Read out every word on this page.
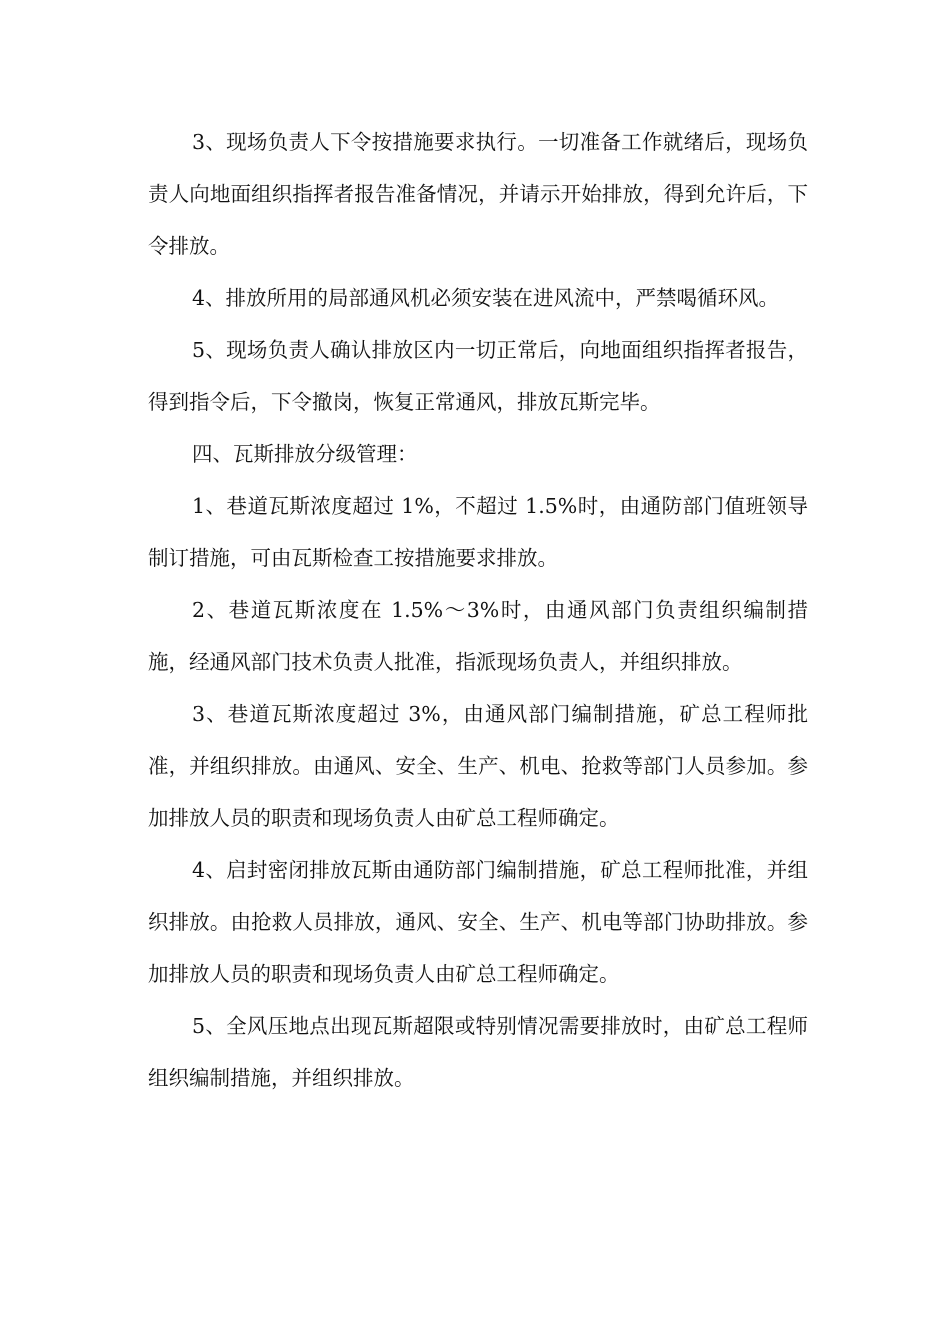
3、现场负责人下令按措施要求执行。一切准备工作就绪后，现场负责人向地面组织指挥者报告准备情况，并请示开始排放，得到允许后，下令排放。

4、排放所用的局部通风机必须安装在进风流中，严禁喝循环风。

5、现场负责人确认排放区内一切正常后，向地面组织指挥者报告，得到指令后，下令撤岗，恢复正常通风，排放瓦斯完毕。

四、瓦斯排放分级管理：

1、巷道瓦斯浓度超过 1%，不超过 1.5%时，由通防部门值班领导制订措施，可由瓦斯检查工按措施要求排放。

2、巷道瓦斯浓度在 1.5%～3%时，由通风部门负责组织编制措施，经通风部门技术负责人批准，指派现场负责人，并组织排放。

3、巷道瓦斯浓度超过 3%，由通风部门编制措施，矿总工程师批准，并组织排放。由通风、安全、生产、机电、抢救等部门人员参加。参加排放人员的职责和现场负责人由矿总工程师确定。

4、启封密闭排放瓦斯由通防部门编制措施，矿总工程师批准，并组织排放。由抢救人员排放，通风、安全、生产、机电等部门协助排放。参加排放人员的职责和现场负责人由矿总工程师确定。

5、全风压地点出现瓦斯超限或特别情况需要排放时，由矿总工程师组织编制措施，并组织排放。
